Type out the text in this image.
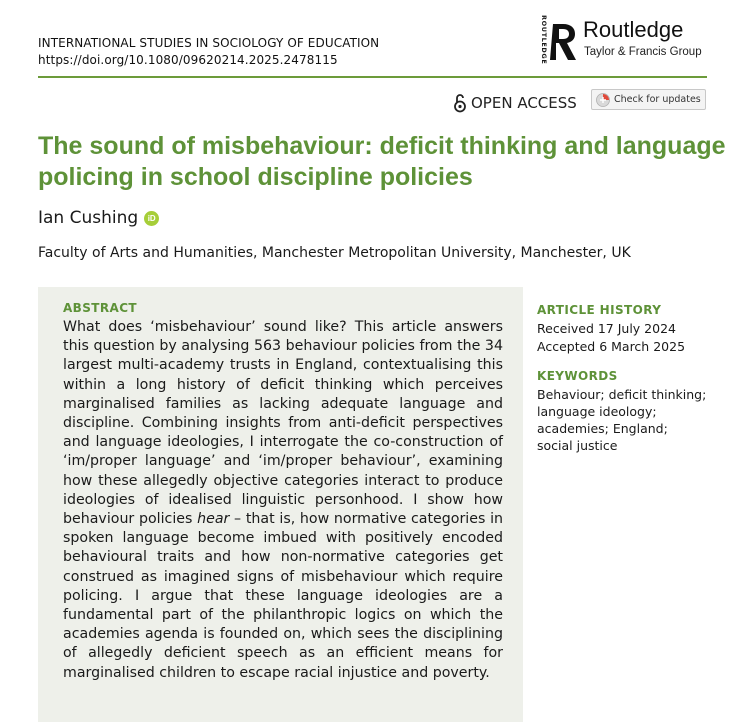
INTERNATIONAL STUDIES IN SOCIOLOGY OF EDUCATION
https://doi.org/10.1080/09620214.2025.2478115	ROUTLEDGE Routledge
Taylor & Francis Group
OPEN ACCESS	Check for updates
The sound of misbehaviour: deficit thinking and language policing in school discipline policies
Ian Cushing	iD
Faculty of Arts and Humanities, Manchester Metropolitan University, Manchester, UK
ABSTRACT

What does ‘misbehaviour’ sound like? This article answers this question by analysing 563 behaviour policies from the 34 largest multi-academy trusts in England, contextualising this within a long history of deficit thinking which perceives marginalised families as lacking adequate language and discipline. Combining insights from anti-deficit perspectives and language ideologies, I interrogate the co-construction of ‘im/proper language’ and ‘im/proper behaviour’, examining how these allegedly objective categories interact to produce ideologies of idealised linguistic personhood. I show how behaviour policies hear – that is, how normative categories in spoken language become imbued with positively encoded behavioural traits and how non-normative categories get construed as imagined signs of misbehaviour which require policing. I argue that these language ideologies are a fundamental part of the philanthropic logics on which the academies agenda is founded on, which sees the disciplining of allegedly deficient speech as an efficient means for marginalised children to escape racial injustice and poverty.

ARTICLE HISTORY
Received 17 July 2024
Accepted 6 March 2025
KEYWORDS
Behaviour; deficit thinking; language ideology; academies; England; social justice
